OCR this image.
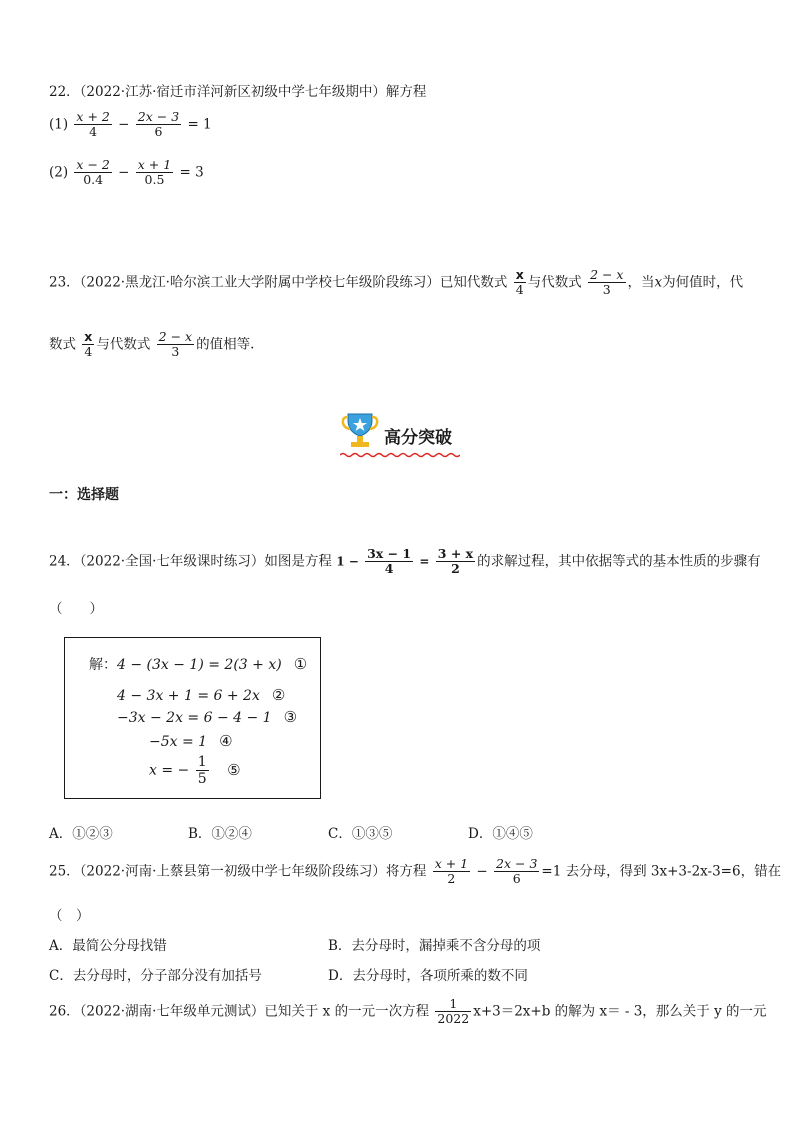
22．（2022·江苏·宿迁市洋河新区初级中学七年级期中）解方程
$(1) \frac{x + 2}{4} - \frac{2x - 3}{6} = 1$
$(2) \frac{x - 2}{0.4} - \frac{x + 1}{0.5} = 3$
23．（2022·黑龙江·哈尔滨工业大学附属中学校七年级阶段练习）已知代数式 $\frac{x}{4}$ 与代数式 $\frac{2 - x}{3}$ ，当x为何值时，代
数式 $\frac{x}{4}$ 与代数式 $\frac{2 - x}{3}$ 的值相等.
高分突破
一：选择题
24．（2022·全国·七年级课时练习）如图是方程 $1 - \frac{3x - 1}{4} = \frac{3 + x}{2}$ 的求解过程，其中依据等式的基本性质的步骤有
（　　）
解：4 − (3x − 1) = 2(3 + x) ①
4 − 3x + 1 = 6 + 2x ②
−3x − 2x = 6 − 4 − 1 ③
−5x = 1 ④
x = − $\frac{1}{5}$ ⑤
A．①②③	B．①②④	C．①③⑤	D．①④⑤
25．（2022·河南·上蔡县第一初级中学七年级阶段练习）将方程 $\frac{x + 1}{2} - \frac{2x - 3}{6} =1$ 去分母，得到 3x+3-2x-3=6，错在
（　）
A．最简公分母找错	B．去分母时，漏掉乘不含分母的项
C．去分母时，分子部分没有加括号	D．去分母时，各项所乘的数不同
26．（2022·湖南·七年级单元测试）已知关于 x 的一元一次方程 $\frac{1}{2022} x+3=2x+b$ 的解为 x＝ - 3，那么关于 y 的一元
